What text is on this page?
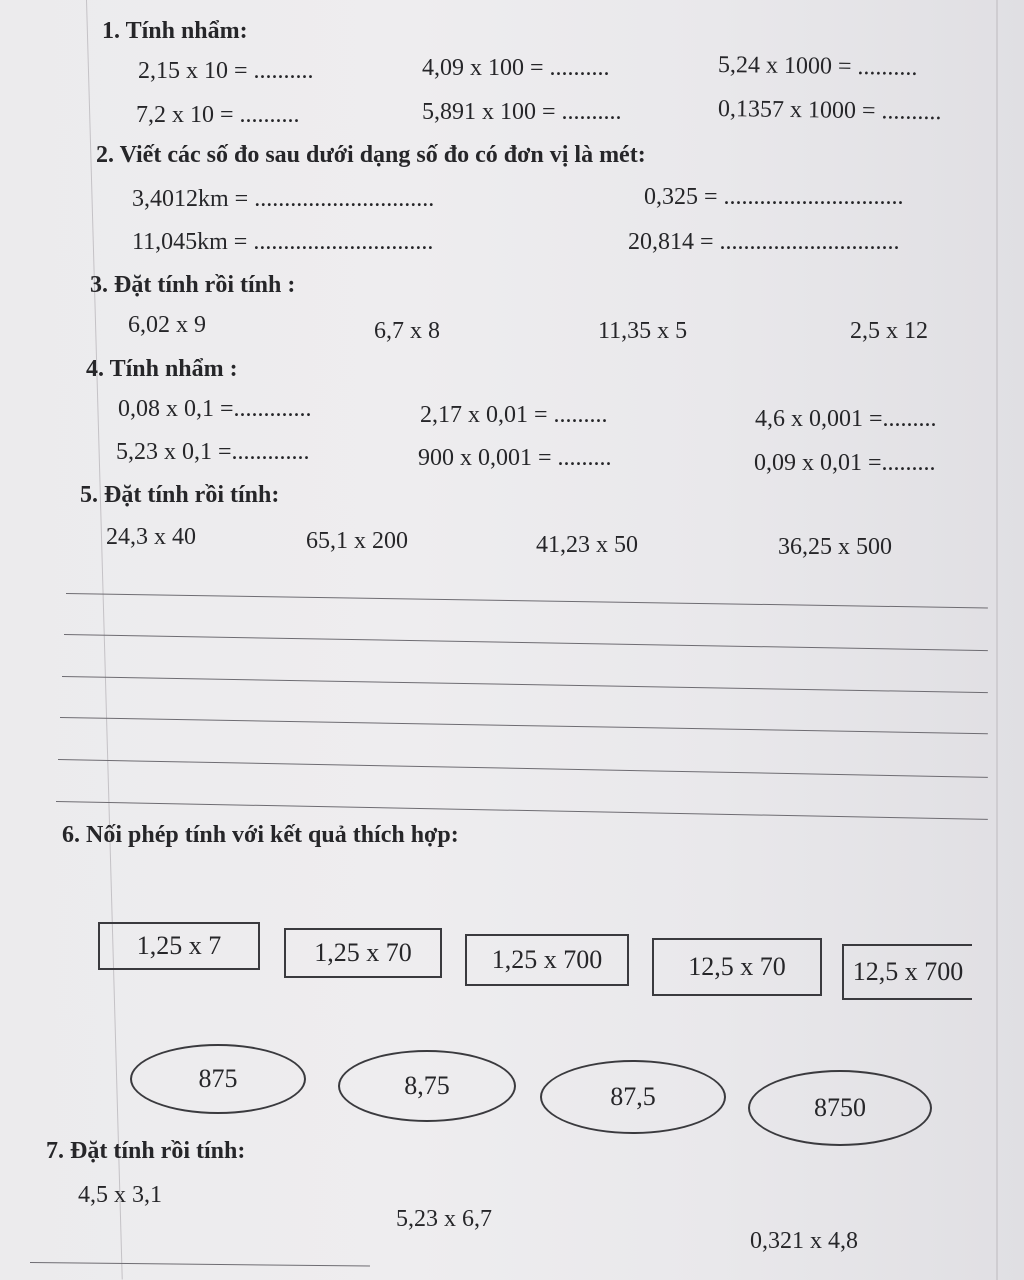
1. Tính nhẩm:
2,15 x 10 = ..........	4,09 x 100 = ..........	5,24 x 1000 = ..........
7,2 x 10 = ..........	5,891 x 100 = ..........	0,1357 x 1000 = ..........
2. Viết các số đo sau dưới dạng số đo có đơn vị là mét:
3,4012km = ..............................	0,325 = ..............................
11,045km = ..............................	20,814 = ..............................
3. Đặt tính rồi tính :
6,02 x 9	6,7 x 8	11,35 x 5	2,5 x 12
4. Tính nhẩm :
0,08 x 0,1 =.............	2,17 x 0,01 = .........	4,6 x 0,001 =.........
5,23 x 0,1 =.............	900 x 0,001 = .........	0,09 x 0,01 =.........
5. Đặt tính rồi tính:
24,3 x 40	65,1 x 200	41,23 x 50	36,25 x 500
6. Nối phép tính với kết quả thích hợp:
1,25 x 7	1,25 x 70	1,25 x 700	12,5 x 70	12,5 x 700
875	8,75	87,5	8750
7. Đặt tính rồi tính:
4,5 x 3,1
5,23 x 6,7
0,321 x 4,8
